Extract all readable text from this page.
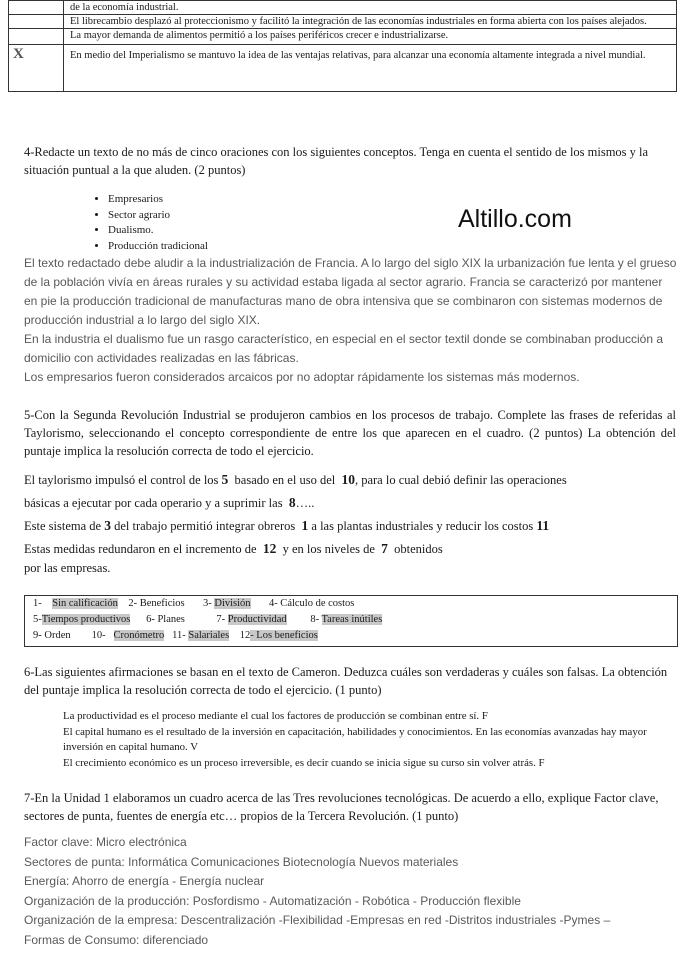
	de la economía industrial.
	El librecambio desplazó al proteccionismo y facilitó la integración de las economías industriales en forma abierta con los países alejados.
	La mayor demanda de alimentos permitió a los países periféricos crecer e industrializarse.
X	En medio del Imperialismo se mantuvo la idea de las ventajas relativas, para alcanzar una economía altamente integrada a nivel mundial.
4-Redacte un texto de no más de cinco oraciones con los siguientes conceptos. Tenga en cuenta el sentido de los mismos y la situación puntual a la que aluden. (2 puntos)
• Empresarios
• Sector agrario
• Dualismo.
• Producción tradicional
Altillo.com

El texto redactado debe aludir a la industrialización de Francia. A lo largo del siglo XIX la urbanización fue lenta y el grueso de la población vivía en áreas rurales y su actividad estaba ligada al sector agrario. Francia se caracterizó por mantener en pie la producción tradicional de manufacturas mano de obra intensiva que se combinaron con sistemas modernos de producción industrial a lo largo del siglo XIX.

En la industria el dualismo fue un rasgo característico, en especial en el sector textil donde se combinaban producción a domicilio con actividades realizadas en las fábricas.

Los empresarios fueron considerados arcaicos por no adoptar rápidamente los sistemas más modernos.

5-Con la Segunda Revolución Industrial se produjeron cambios en los procesos de trabajo. Complete las frases de referidas al Taylorismo, seleccionando el concepto correspondiente de entre los que aparecen en el cuadro. (2 puntos) La obtención del puntaje implica la resolución correcta de todo el ejercicio.
El taylorismo impulsó el control de los 5 basado en el uso del 10, para lo cual debió definir las operaciones
básicas a ejecutar por cada operario y a suprimir las 8…..
Este sistema de 3 del trabajo permitió integrar obreros 1 a las plantas industriales y reducir los costos 11
Estas medidas redundaron en el incremento de 12 y en los niveles de 7 obtenidos
por las empresas.
1- Sin calificación 2- Beneficios 3- División 4- Cálculo de costos
5-Tiempos productivos 6- Planes	7- Productividad 8- Tareas inútiles
9- Orden 10- Cronómetro 11- Salariales 12- Los beneficios
6-Las siguientes afirmaciones se basan en el texto de Cameron. Deduzca cuáles son verdaderas y cuáles son falsas. La obtención del puntaje implica la resolución correcta de todo el ejercicio. (1 punto)

La productividad es el proceso mediante el cual los factores de producción se combinan entre sí. F

El capital humano es el resultado de la inversión en capacitación, habilidades y conocimientos. En las economías avanzadas hay mayor inversión en capital humano. V

El crecimiento económico es un proceso irreversible, es decir cuando se inicia sigue su curso sin volver atrás. F

7-En la Unidad 1 elaboramos un cuadro acerca de las Tres revoluciones tecnológicas. De acuerdo a ello, explique Factor clave, sectores de punta, fuentes de energía etc… propios de la Tercera Revolución. (1 punto)

Factor clave: Micro electrónica

Sectores de punta: Informática Comunicaciones Biotecnología Nuevos materiales

Energía: Ahorro de energía - Energía nuclear

Organización de la producción: Posfordismo - Automatización - Robótica - Producción flexible

Organización de la empresa: Descentralización -Flexibilidad -Empresas en red -Distritos industriales -Pymes –

Formas de Consumo: diferenciado
